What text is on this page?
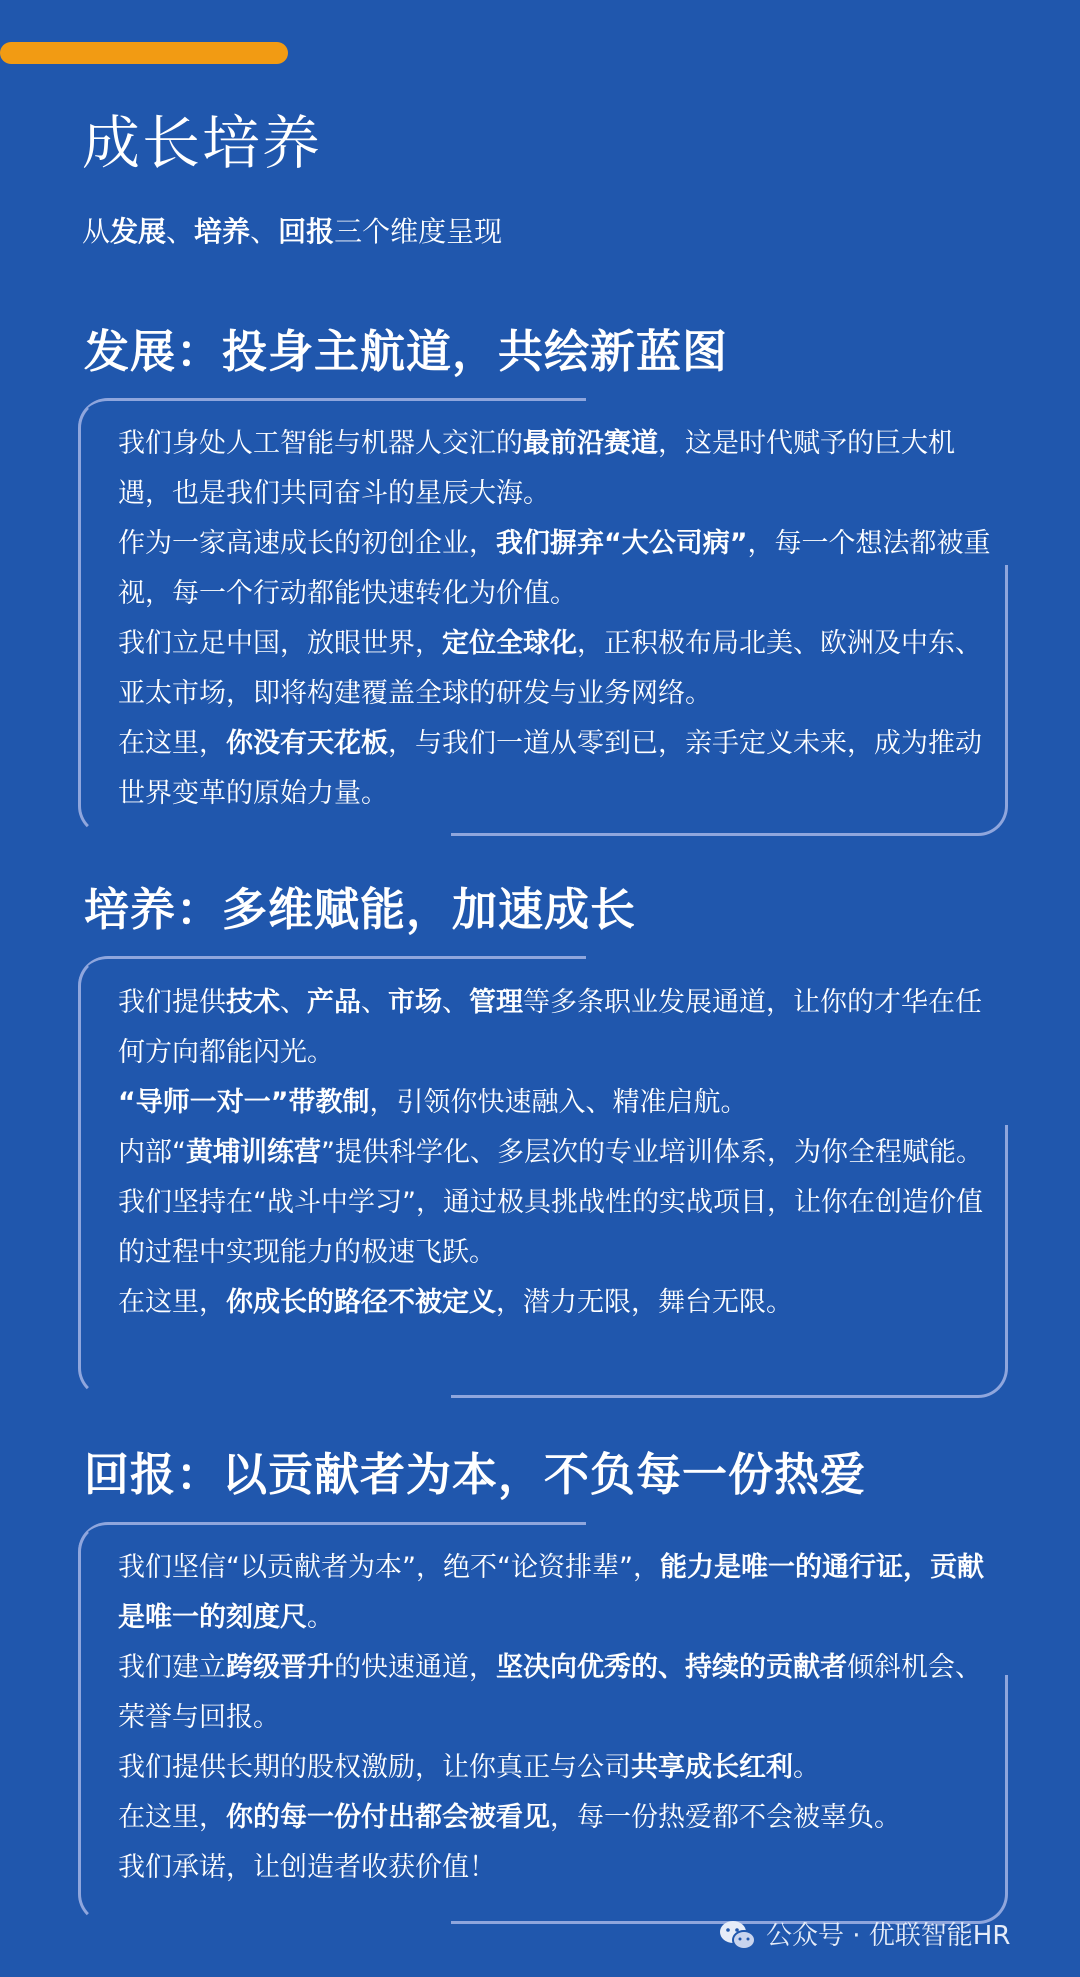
成长培养
从发展、培养、回报三个维度呈现
发展：投身主航道，共绘新蓝图

我们身处人工智能与机器人交汇的最前沿赛道，这是时代赋予的巨大机遇，也是我们共同奋斗的星辰大海。

作为一家高速成长的初创企业，我们摒弃“大公司病”，每一个想法都被重视，每一个行动都能快速转化为价值。

我们立足中国，放眼世界，定位全球化，正积极布局北美、欧洲及中东、亚太市场，即将构建覆盖全球的研发与业务网络。

在这里，你没有天花板，与我们一道从零到已，亲手定义未来，成为推动世界变革的原始力量。

培养：多维赋能，加速成长

我们提供技术、产品、市场、管理等多条职业发展通道，让你的才华在任何方向都能闪光。

“导师一对一”带教制，引领你快速融入、精准启航。

内部“黄埔训练营”提供科学化、多层次的专业培训体系，为你全程赋能。

我们坚持在“战斗中学习”，通过极具挑战性的实战项目，让你在创造价值的过程中实现能力的极速飞跃。

在这里，你成长的路径不被定义，潜力无限，舞台无限。

回报：以贡献者为本，不负每一份热爱

我们坚信“以贡献者为本”，绝不“论资排辈”，能力是唯一的通行证，贡献是唯一的刻度尺。

我们建立跨级晋升的快速通道，坚决向优秀的、持续的贡献者倾斜机会、荣誉与回报。

我们提供长期的股权激励，让你真正与公司共享成长红利。

在这里，你的每一份付出都会被看见，每一份热爱都不会被辜负。

我们承诺，让创造者收获价值！

公众号 · 优联智能HR
